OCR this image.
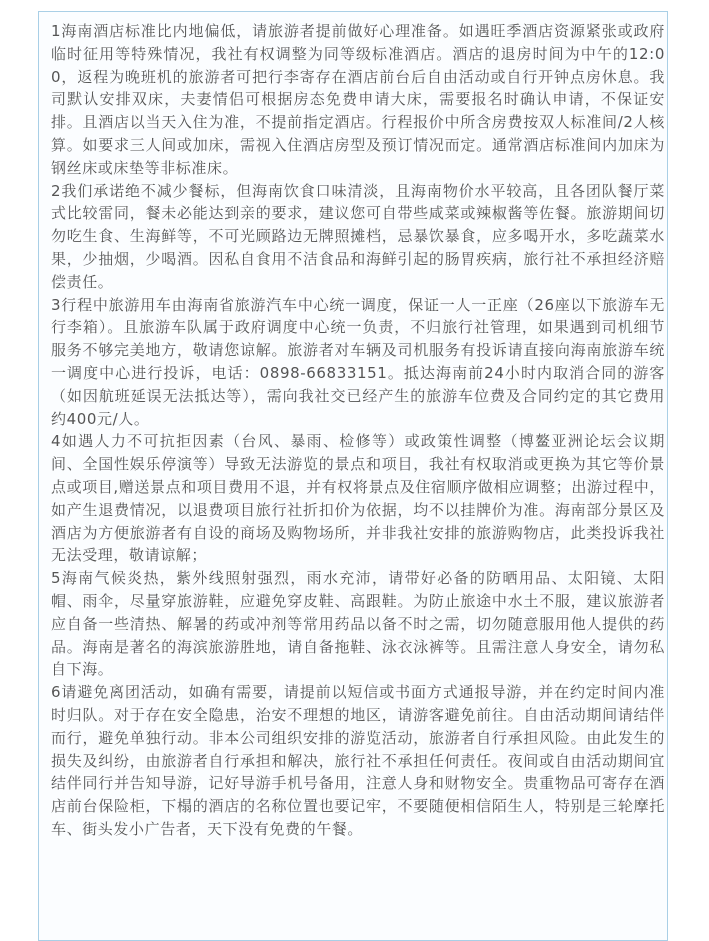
1海南酒店标准比内地偏低，请旅游者提前做好心理准备。如遇旺季酒店资源紧张或政府临时征用等特殊情况，我社有权调整为同等级标准酒店。酒店的退房时间为中午的12:00，返程为晚班机的旅游者可把行李寄存在酒店前台后自由活动或自行开钟点房休息。我司默认安排双床，夫妻情侣可根据房态免费申请大床，需要报名时确认申请，不保证安排。且酒店以当天入住为准，不提前指定酒店。行程报价中所含房费按双人标准间/2人核算。如要求三人间或加床，需视入住酒店房型及预订情况而定。通常酒店标准间内加床为钢丝床或床垫等非标准床。

2我们承诺绝不减少餐标，但海南饮食口味清淡，且海南物价水平较高，且各团队餐厅菜式比较雷同，餐未必能达到亲的要求，建议您可自带些咸菜或辣椒酱等佐餐。旅游期间切勿吃生食、生海鲜等，不可光顾路边无牌照摊档，忌暴饮暴食，应多喝开水，多吃蔬菜水果，少抽烟，少喝酒。因私自食用不洁食品和海鲜引起的肠胃疾病，旅行社不承担经济赔偿责任。

3行程中旅游用车由海南省旅游汽车中心统一调度，保证一人一正座（26座以下旅游车无行李箱）。且旅游车队属于政府调度中心统一负责，不归旅行社管理，如果遇到司机细节服务不够完美地方，敬请您谅解。旅游者对车辆及司机服务有投诉请直接向海南旅游车统一调度中心进行投诉，电话：0898-66833151。抵达海南前24小时内取消合同的游客（如因航班延误无法抵达等），需向我社交已经产生的旅游车位费及合同约定的其它费用约400元/人。

4如遇人力不可抗拒因素（台风、暴雨、检修等）或政策性调整（博鳌亚洲论坛会议期间、全国性娱乐停演等）导致无法游览的景点和项目，我社有权取消或更换为其它等价景点或项目,赠送景点和项目费用不退，并有权将景点及住宿顺序做相应调整；出游过程中，如产生退费情况，以退费项目旅行社折扣价为依据，均不以挂牌价为准。海南部分景区及酒店为方便旅游者有自设的商场及购物场所，并非我社安排的旅游购物店，此类投诉我社无法受理，敬请谅解；

5海南气候炎热，紫外线照射强烈，雨水充沛，请带好必备的防晒用品、太阳镜、太阳帽、雨伞，尽量穿旅游鞋，应避免穿皮鞋、高跟鞋。为防止旅途中水土不服，建议旅游者应自备一些清热、解暑的药或冲剂等常用药品以备不时之需，切勿随意服用他人提供的药品。海南是著名的海滨旅游胜地，请自备拖鞋、泳衣泳裤等。且需注意人身安全，请勿私自下海。

6请避免离团活动，如确有需要，请提前以短信或书面方式通报导游，并在约定时间内准时归队。对于存在安全隐患，治安不理想的地区，请游客避免前往。自由活动期间请结伴而行，避免单独行动。非本公司组织安排的游览活动，旅游者自行承担风险。由此发生的损失及纠纷，由旅游者自行承担和解决，旅行社不承担任何责任。夜间或自由活动期间宜结伴同行并告知导游，记好导游手机号备用，注意人身和财物安全。贵重物品可寄存在酒店前台保险柜，下榻的酒店的名称位置也要记牢，不要随便相信陌生人，特别是三轮摩托车、街头发小广告者，天下没有免费的午餐。
